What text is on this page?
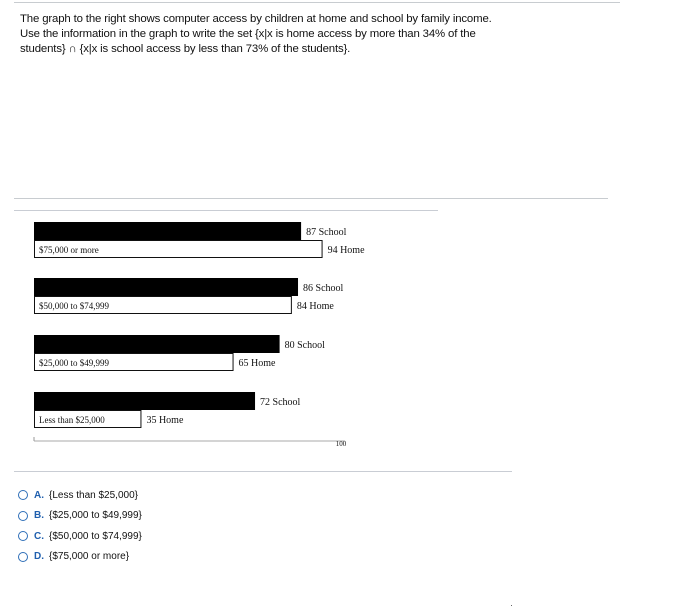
The graph to the right shows computer access by children at home and school by family income.
Use the information in the graph to write the set {x|x is home access by more than 34% of the
students} ∩ {x|x is school access by less than 73% of the students}.
$75,000 or more
87 School
94 Home
$50,000 to $74,999
86 School
84 Home
$25,000 to $49,999
80 School
65 Home
Less than $25,000
72 School
35 Home
100
A. {Less than $25,000}
B. {$25,000 to $49,999}
C. {$50,000 to $74,999}
D. {$75,000 or more}
